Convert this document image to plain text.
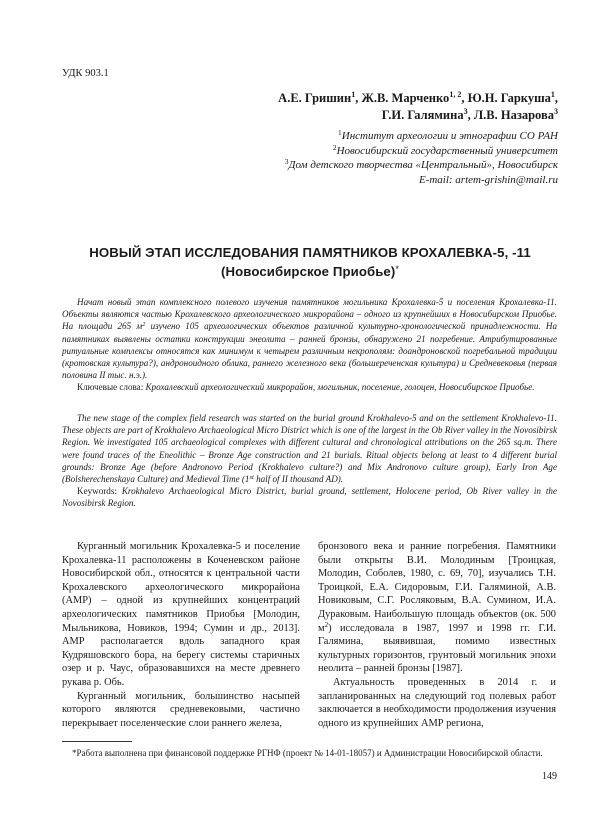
УДК 903.1
А.Е. Гришин$^1$, Ж.В. Марченко$^{1, 2}$, Ю.Н. Гаркуша$^1$,
Г.И. Галямина$^3$, Л.В. Назарова$^3$
$^1$Институт археологии и этнографии СО РАН
$^2$Новосибирский государственный университет
$^3$Дом детского творчества «Центральный», Новосибирск
E-mail: artem-grishin@mail.ru
НОВЫЙ ЭТАП ИССЛЕДОВАНИЯ ПАМЯТНИКОВ КРОХАЛЕВКА-5, -11
(Новосибирское Приобье)*

Начат новый этап комплексного полевого изучения памятников могильника Крохалевка-5 и поселения Крохалевка-11. Объекты являются частью Крохалевского археологического микрорайона – одного из крупнейших в Новосибирском Приобье. На площади 265 $м^2$ изучено 105 археологических объектов различной культурно-хронологической принадлежности. На памятниках выявлены остатки конструкции энеолита – ранней бронзы, обнаружено 21 погребение. Атрибутированные ритуальные комплексы относятся как минимум к четырем различным некрополям: доандроновской погребальной традиции (кротовская культура?), андроноидного облика, раннего железного века (большереченская культура) и Средневековья (первая половина II тыс. н.э.).

Ключевые слова: Крохалевский археологический микрорайон, могильник, поселение, голоцен, Новосибирское Приобье.

The new stage of the complex field research was started on the burial ground Krokhalevo-5 and on the settlement Krokhalevo-11. These objects are part of Krokhalevo Archaeological Micro District which is one of the largest in the Ob River valley in the Novosibirsk Region. We investigated 105 archaeological complexes with different cultural and chronological attributions on the 265 sq.m. There were found traces of the Eneolithic – Bronze Age construction and 21 burials. Ritual objects belong at least to 4 different burial grounds: Bronze Age (before Andronovo Period (Krokhalevo culture?) and Mix Andronovo culture group), Early Iron Age (Bolsherechenskaya Culture) and Medieval Time (1st half of II thousand AD).

Keywords: Krokhalevo Archaeological Micro District, burial ground, settlement, Holocene period, Ob River valley in the Novosibirsk Region.

Курганный могильник Крохалевка-5 и поселение Крохалевка-11 расположены в Коченевском районе Новосибирской обл., относятся к центральной части Крохалевского археологического микрорайона (АМР) – одной из крупнейших концентраций археологических памятников Приобья [Молодин, Мыльникова, Новиков, 1994; Сумин и др., 2013]. АМР располагается вдоль западного края Кудряшовского бора, на берегу системы старичных озер и р. Чаус, образовавшихся на месте древнего рукава р. Обь.

Курганный могильник, большинство насыпей которого являются средневековыми, частично перекрывает поселенческие слои раннего железа,

бронзового века и ранние погребения. Памятники были открыты В.И. Молодиным [Троицкая, Молодин, Соболев, 1980, с. 69, 70], изучались Т.Н. Троицкой, Е.А. Сидоровым, Г.И. Галяминой, А.В. Новиковым, С.Г. Росляковым, В.А. Сумином, И.А. Дураковым. Наибольшую площадь объектов (ок. 500 $м^2$) исследовала в 1987, 1997 и 1998 гг. Г.И. Галямина, выявившая, помимо известных культурных горизонтов, грунтовый могильник эпохи неолита – ранней бронзы [1987].

Актуальность проведенных в 2014 г. и запланированных на следующий год полевых работ заключается в необходимости продолжения изучения одного из крупнейших АМР региона,

*Работа выполнена при финансовой поддержке РГНФ (проект № 14-01-18057) и Администрации Новосибирской области.
149
